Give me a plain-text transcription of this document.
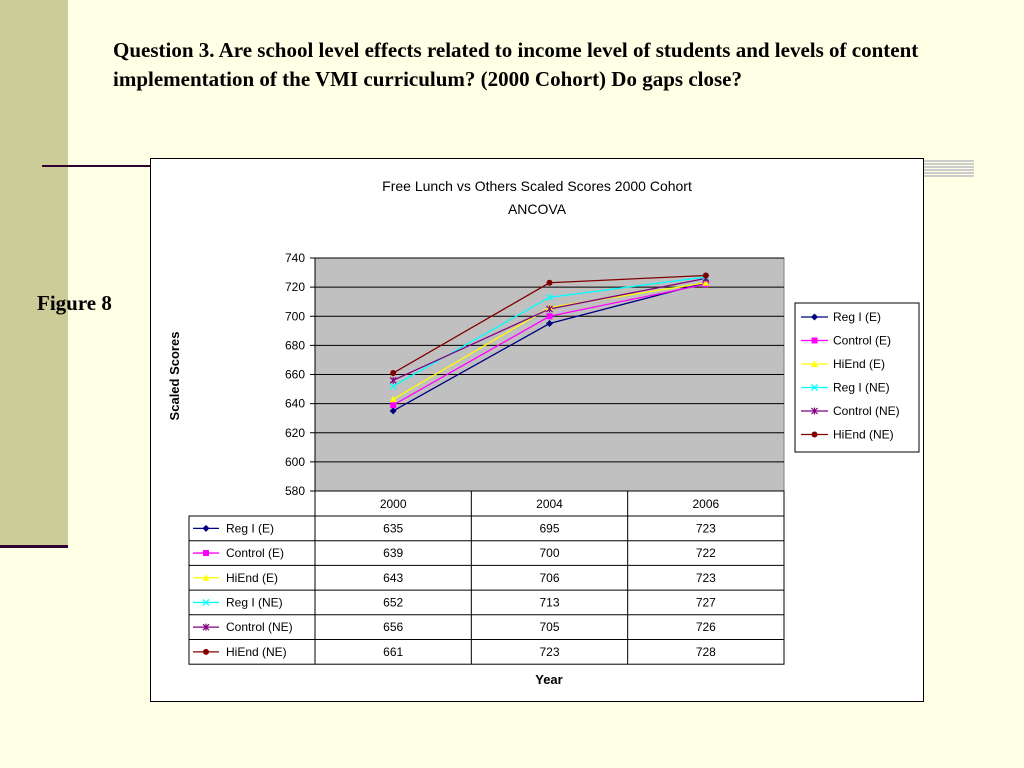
Question 3. Are school level effects related to income level of students and levels of content implementation of the VMI curriculum? (2000 Cohort) Do gaps close?

Figure 8
Free Lunch vs Others Scaled Scores 2000 Cohort
ANCOVA
Scaled Scores
Year
580
600
620
640
660
680
700
720
740
2000	2004	2006
Reg I (E)	635	695	723
Control (E)	639	700	722
HiEnd (E)	643	706	723
Reg I (NE)	652	713	727
Control (NE)	656	705	726
HiEnd (NE)	661	723	728
Reg I (E)
Control (E)
HiEnd (E)
Reg I (NE)
Control (NE)
HiEnd (NE)
